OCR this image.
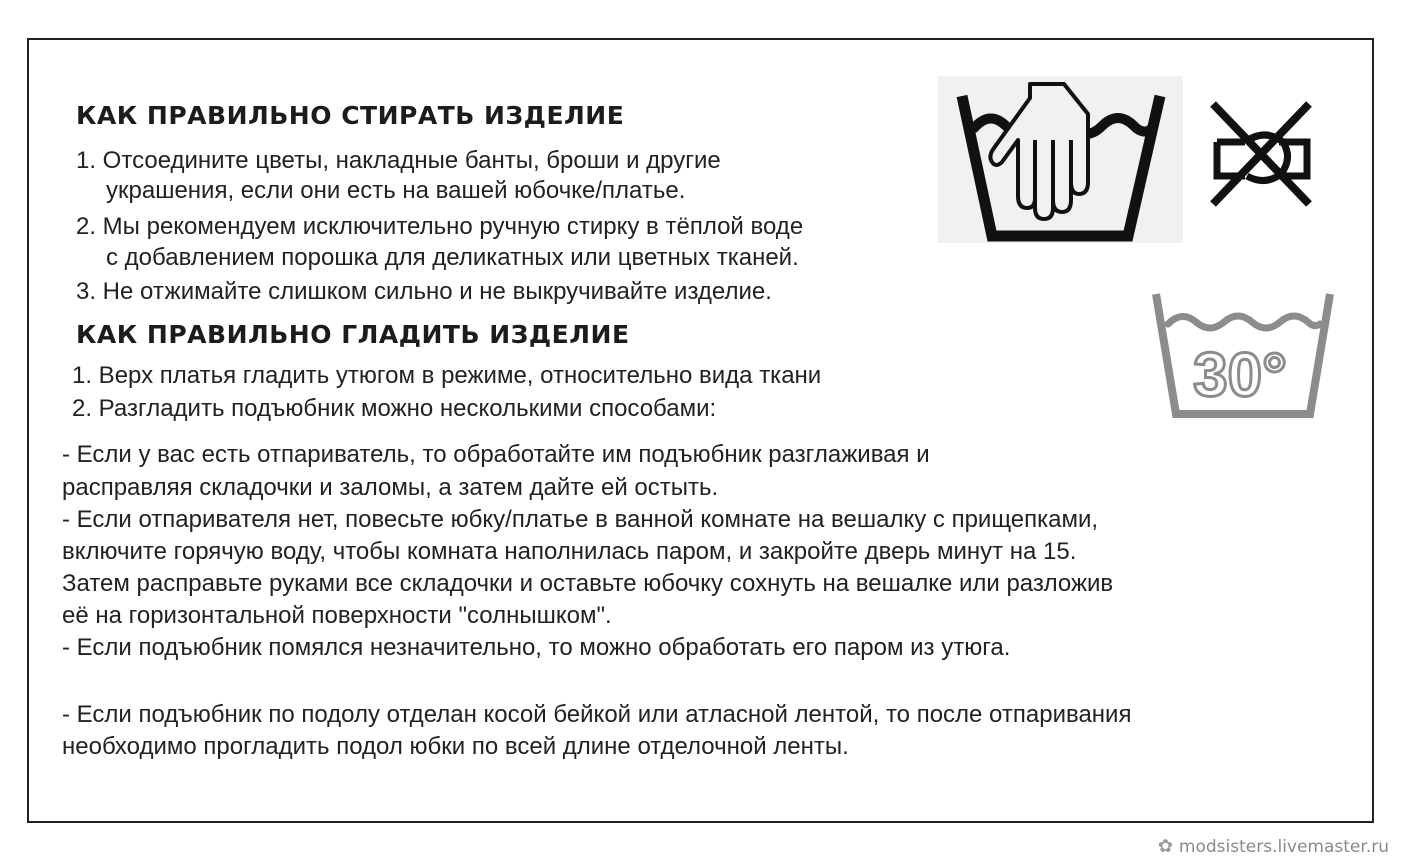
КАК ПРАВИЛЬНО СТИРАТЬ ИЗДЕЛИЕ
1. Отсоедините цветы, накладные банты, броши и другие
украшения, если они есть на вашей юбочке/платье.
2. Мы рекомендуем исключительно ручную стирку в тёплой воде
с добавлением порошка для деликатных или цветных тканей.
3. Не отжимайте слишком сильно и не выкручивайте изделие.
КАК ПРАВИЛЬНО ГЛАДИТЬ ИЗДЕЛИЕ
1. Верх платья гладить утюгом в режиме, относительно вида ткани
2. Разгладить подъюбник можно несколькими способами:
- Если у вас есть отпариватель, то обработайте им подъюбник разглаживая и
расправляя складочки и заломы, а затем дайте ей остыть.
- Если отпаривателя нет, повесьте юбку/платье в ванной комнате на вешалку с прищепками,
включите горячую воду, чтобы комната наполнилась паром, и закройте дверь минут на 15.
Затем расправьте руками все складочки и оставьте юбочку сохнуть на вешалке или разложив
её на горизонтальной поверхности "солнышком".
- Если подъюбник помялся незначительно, то можно обработать его паром из утюга.
- Если подъюбник по подолу отделан косой бейкой или атласной лентой, то после отпаривания
необходимо прогладить подол юбки по всей длине отделочной ленты.
30°
✿ modsisters.livemaster.ru
